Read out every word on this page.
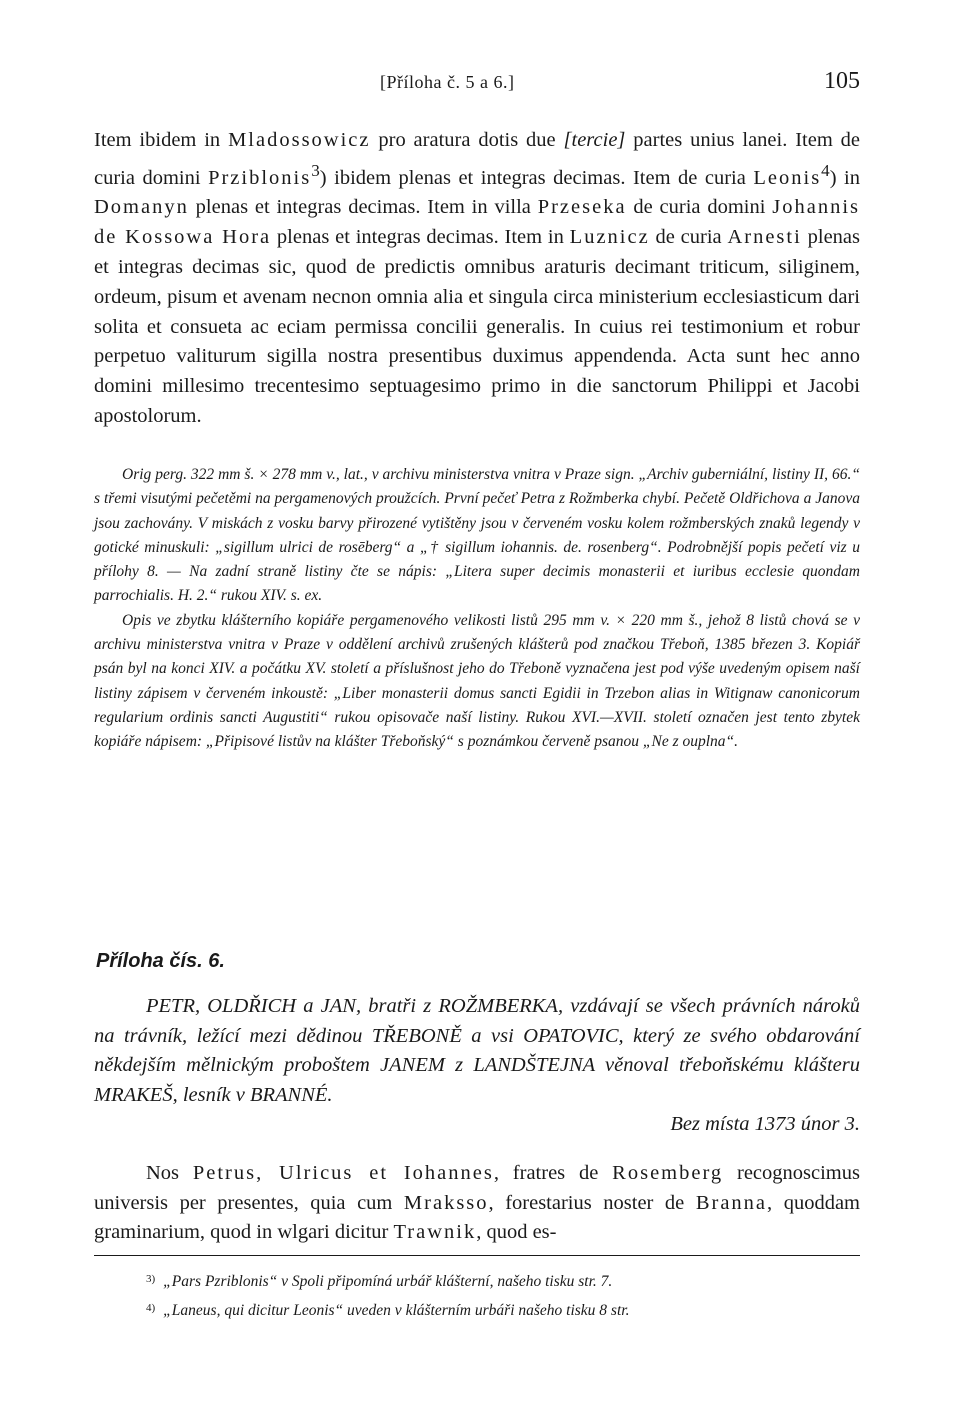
[Příloha č. 5 a 6.]	105

Item ibidem in Mladossowicz pro aratura dotis due [tercie] partes unius lanei. Item de curia domini Prziblonis$^3$) ibidem plenas et integras decimas. Item de curia Leonis$^4$) in Domanyn plenas et integras decimas. Item in villa Przeseka de curia domini Johannis de Kossowa Hora plenas et integras decimas. Item in Luznicz de curia Arnesti plenas et integras decimas sic, quod de predictis omnibus araturis decimant triticum, siliginem, ordeum, pisum et avenam necnon omnia alia et singula circa ministerium ecclesiasticum dari solita et consueta ac eciam permissa concilii generalis. In cuius rei testimonium et robur perpetuo valiturum sigilla nostra presentibus duximus appendenda. Acta sunt hec anno domini millesimo trecentesimo septuagesimo primo in die sanctorum Philippi et Jacobi apostolorum.

Orig perg. 322 mm š. × 278 mm v., lat., v archivu ministerstva vnitra v Praze sign. „Archiv guberniální, listiny II, 66.“ s třemi visutými pečetěmi na pergamenových proužcích. První pečeť Petra z Rožmberka chybí. Pečetě Oldřichova a Janova jsou zachovány. V miskách z vosku barvy přirozené vytištěny jsou v červeném vosku kolem rožmberských znaků legendy v gotické minuskuli: „sigillum ulrici de rosēberg“ a „† sigillum iohannis. de. rosenberg“. Podrobnější popis pečetí viz u přílohy 8. — Na zadní straně listiny čte se nápis: „Litera super decimis monasterii et iuribus ecclesie quondam parrochialis. H. 2.“ rukou XIV. s. ex.

Opis ve zbytku klášterního kopiáře pergamenového velikosti listů 295 mm v. × 220 mm š., jehož 8 listů chová se v archivu ministerstva vnitra v Praze v oddělení archivů zrušených klášterů pod značkou Třeboň, 1385 březen 3. Kopiář psán byl na konci XIV. a počátku XV. století a příslušnost jeho do Třeboně vyznačena jest pod výše uvedeným opisem naší listiny zápisem v červeném inkoustě: „Liber monasterii domus sancti Egidii in Trzebon alias in Witignaw canonicorum regularium ordinis sancti Augustiti“ rukou opisovače naší listiny. Rukou XVI.—XVII. století označen jest tento zbytek kopiáře nápisem: „Připisové listův na klášter Třeboňský“ s poznámkou červeně psanou „Ne z ouplna“.

Příloha čís. 6.

PETR, OLDŘICH a JAN, bratři z ROŽMBERKA, vzdávají se všech právních nároků na trávník, ležící mezi dědinou TŘEBONĚ a vsi OPATOVIC, který ze svého obdarování někdejším mělnickým proboštem JANEM z LANDŠTEJNA věnoval třeboňskému klášteru MRAKEŠ, lesník v BRANNÉ.

Bez místa 1373 únor 3.

Nos Petrus, Ulricus et Iohannes, fratres de Rosemberg recognoscimus universis per presentes, quia cum Mraksso, forestarius noster de Branna, quoddam graminarium, quod in wlgari dicitur Trawnik, quod es-

$^{3)}$ „Pars Pzriblonis“ v Spoli připomíná urbář klášterní, našeho tisku str. 7.

$^{4)}$ „Laneus, qui dicitur Leonis“ uveden v klášterním urbáři našeho tisku 8 str.
